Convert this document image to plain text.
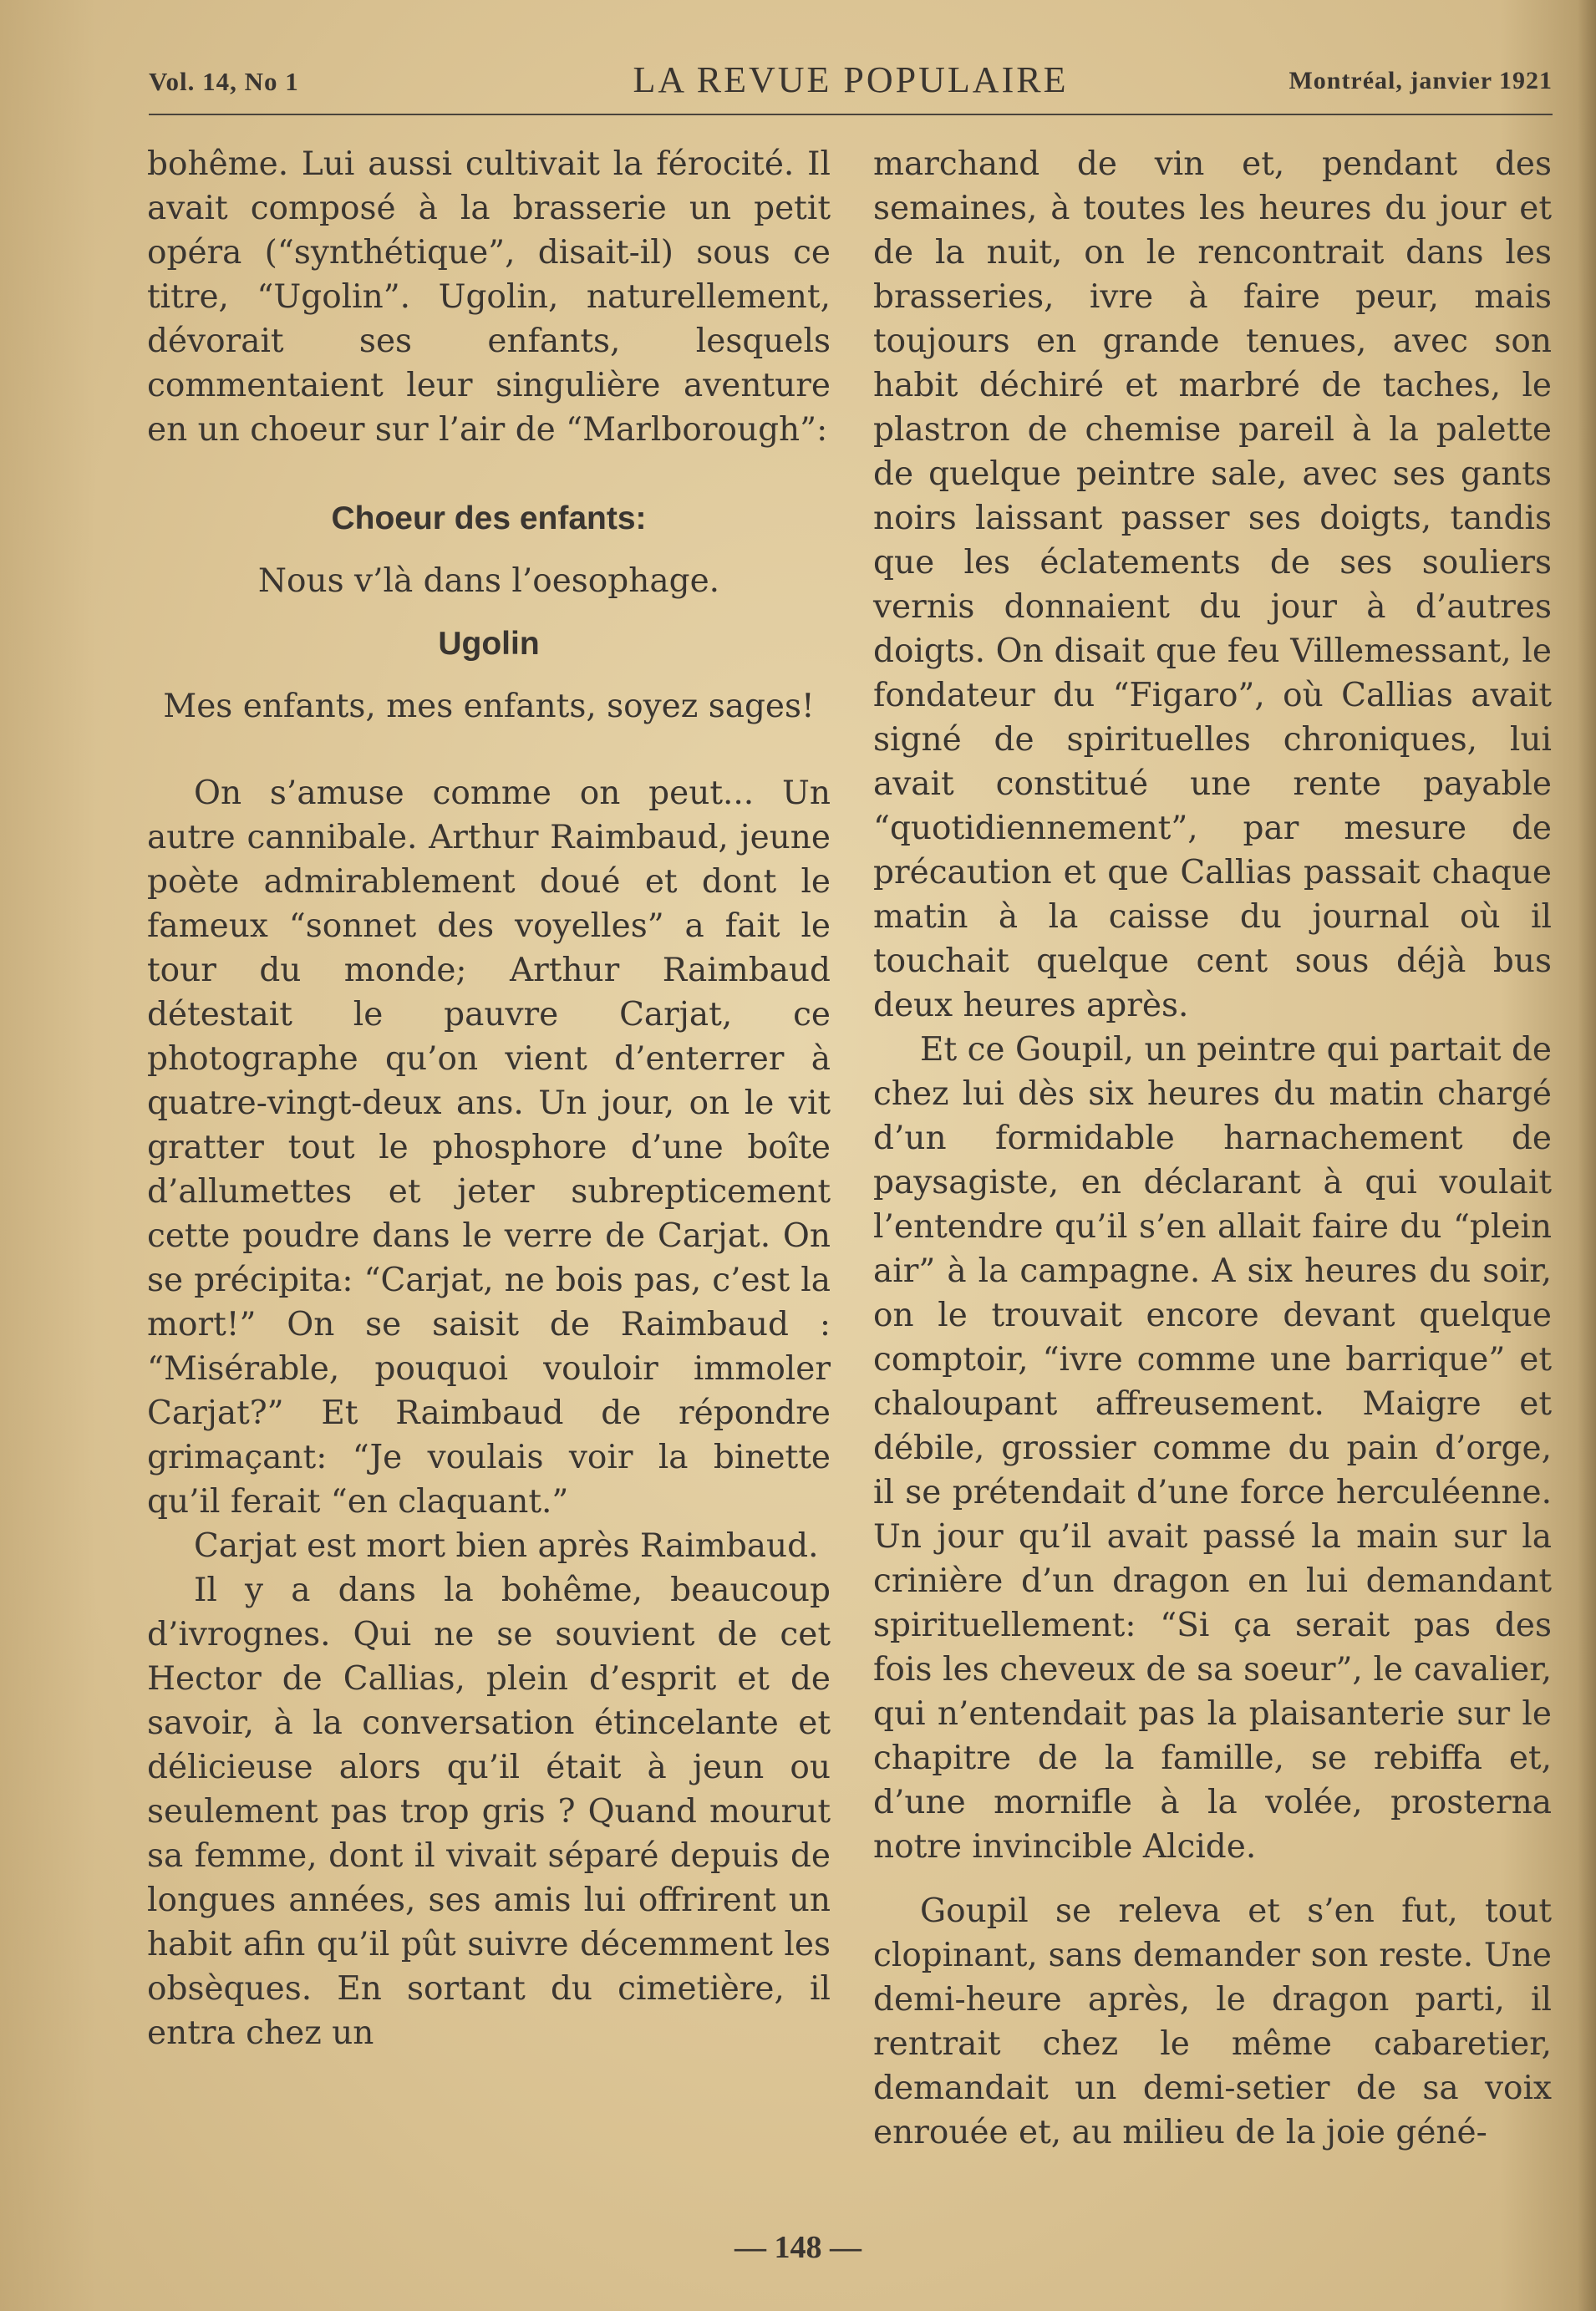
Vol. 14, No 1	LA REVUE POPULAIRE	Montréal, janvier 1921

bohême. Lui aussi cultivait la férocité. Il avait composé à la brasserie un petit opéra (“synthétique”, disait-il) sous ce titre, “Ugolin”. Ugolin, naturellement, dévorait ses enfants, lesquels commentaient leur singulière aventure en un choeur sur l’air de “Marlborough”:

Choeur des enfants:

Nous v’là dans l’oesophage.

Ugolin

Mes enfants, mes enfants, soyez sages!

On s’amuse comme on peut... Un autre cannibale. Arthur Raimbaud, jeune poète admirablement doué et dont le fameux “sonnet des voyelles” a fait le tour du monde; Arthur Raimbaud détestait le pauvre Carjat, ce photographe qu’on vient d’enterrer à quatre-vingt-deux ans. Un jour, on le vit gratter tout le phosphore d’une boîte d’allumettes et jeter subrepticement cette poudre dans le verre de Carjat. On se précipita: “Carjat, ne bois pas, c’est la mort!” On se saisit de Raimbaud : “Misérable, pouquoi vouloir immoler Carjat?” Et Raimbaud de répondre grimaçant: “Je voulais voir la binette qu’il ferait “en claquant.”

Carjat est mort bien après Raimbaud.

Il y a dans la bohême, beaucoup d’ivrognes. Qui ne se souvient de cet Hector de Callias, plein d’esprit et de savoir, à la conversation étincelante et délicieuse alors qu’il était à jeun ou seulement pas trop gris ? Quand mourut sa femme, dont il vivait séparé depuis de longues années, ses amis lui offrirent un habit afin qu’il pût suivre décemment les obsèques. En sortant du cimetière, il entra chez un

marchand de vin et, pendant des semaines, à toutes les heures du jour et de la nuit, on le rencontrait dans les brasseries, ivre à faire peur, mais toujours en grande tenues, avec son habit déchiré et marbré de taches, le plastron de chemise pareil à la palette de quelque peintre sale, avec ses gants noirs laissant passer ses doigts, tandis que les éclatements de ses souliers vernis donnaient du jour à d’autres doigts. On disait que feu Villemessant, le fondateur du “Figaro”, où Callias avait signé de spirituelles chroniques, lui avait constitué une rente payable “quotidiennement”, par mesure de précaution et que Callias passait chaque matin à la caisse du journal où il touchait quelque cent sous déjà bus deux heures après.

Et ce Goupil, un peintre qui partait de chez lui dès six heures du matin chargé d’un formidable harnachement de paysagiste, en déclarant à qui voulait l’entendre qu’il s’en allait faire du “plein air” à la campagne. A six heures du soir, on le trouvait encore devant quelque comptoir, “ivre comme une barrique” et chaloupant affreusement. Maigre et débile, grossier comme du pain d’orge, il se prétendait d’une force herculéenne. Un jour qu’il avait passé la main sur la crinière d’un dragon en lui demandant spirituellement: “Si ça serait pas des fois les cheveux de sa soeur”, le cavalier, qui n’entendait pas la plaisanterie sur le chapitre de la famille, se rebiffa et, d’une mornifle à la volée, prosterna notre invincible Alcide.

Goupil se releva et s’en fut, tout clopinant, sans demander son reste. Une demi-heure après, le dragon parti, il rentrait chez le même cabaretier, demandait un demi-setier de sa voix enrouée et, au milieu de la joie géné-

— 148 —
